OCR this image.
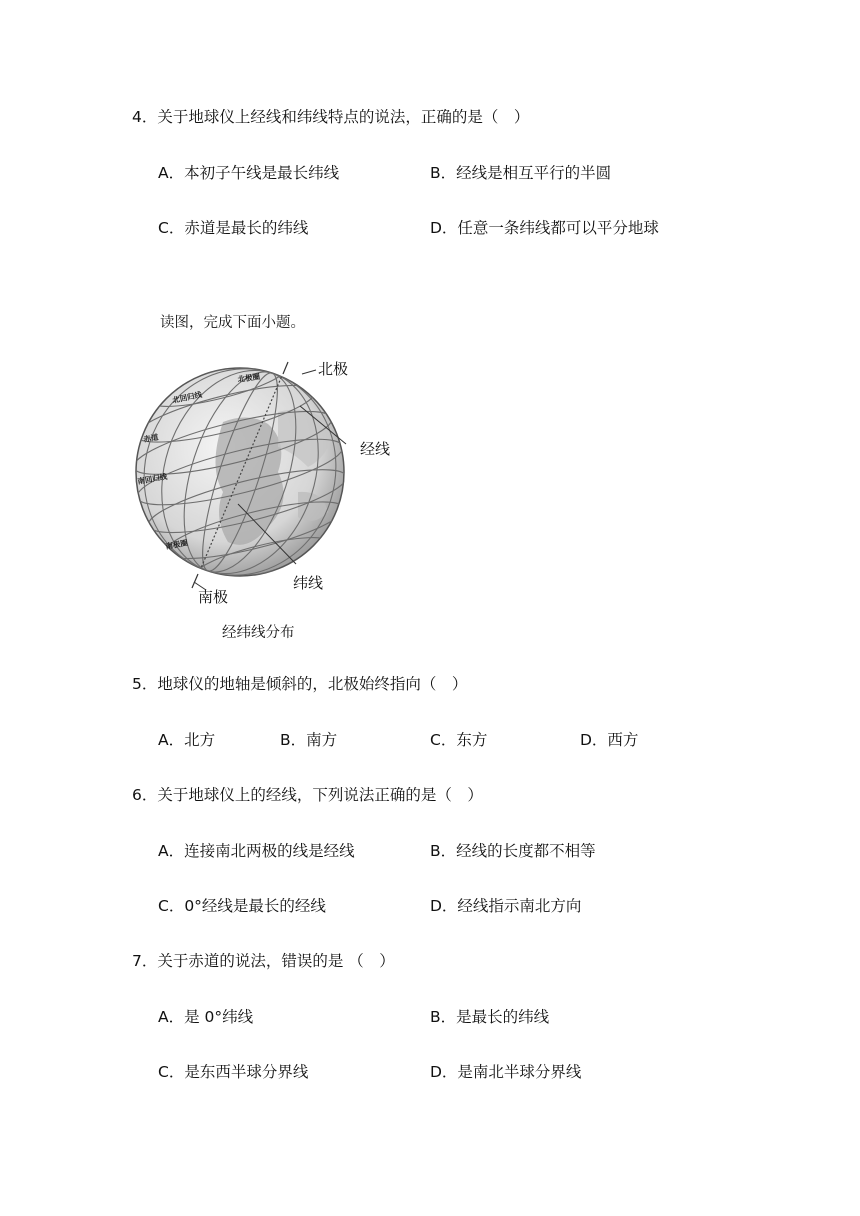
4．关于地球仪上经线和纬线特点的说法，正确的是（　）
A．本初子午线是最长纬线	B．经线是相互平行的半圆
C．赤道是最长的纬线	D．任意一条纬线都可以平分地球
读图，完成下面小题。
北极圈
北回归线
赤道
南回归线
南极圈
北极
经线
纬线
南极
经纬线分布
5．地球仪的地轴是倾斜的，北极始终指向（　）
A．北方	B．南方	C．东方	D．西方
6．关于地球仪上的经线，下列说法正确的是（　）
A．连接南北两极的线是经线	B．经线的长度都不相等
C．0°经线是最长的经线	D．经线指示南北方向
7．关于赤道的说法，错误的是 （　）
A．是 0°纬线	B．是最长的纬线
C．是东西半球分界线	D．是南北半球分界线
